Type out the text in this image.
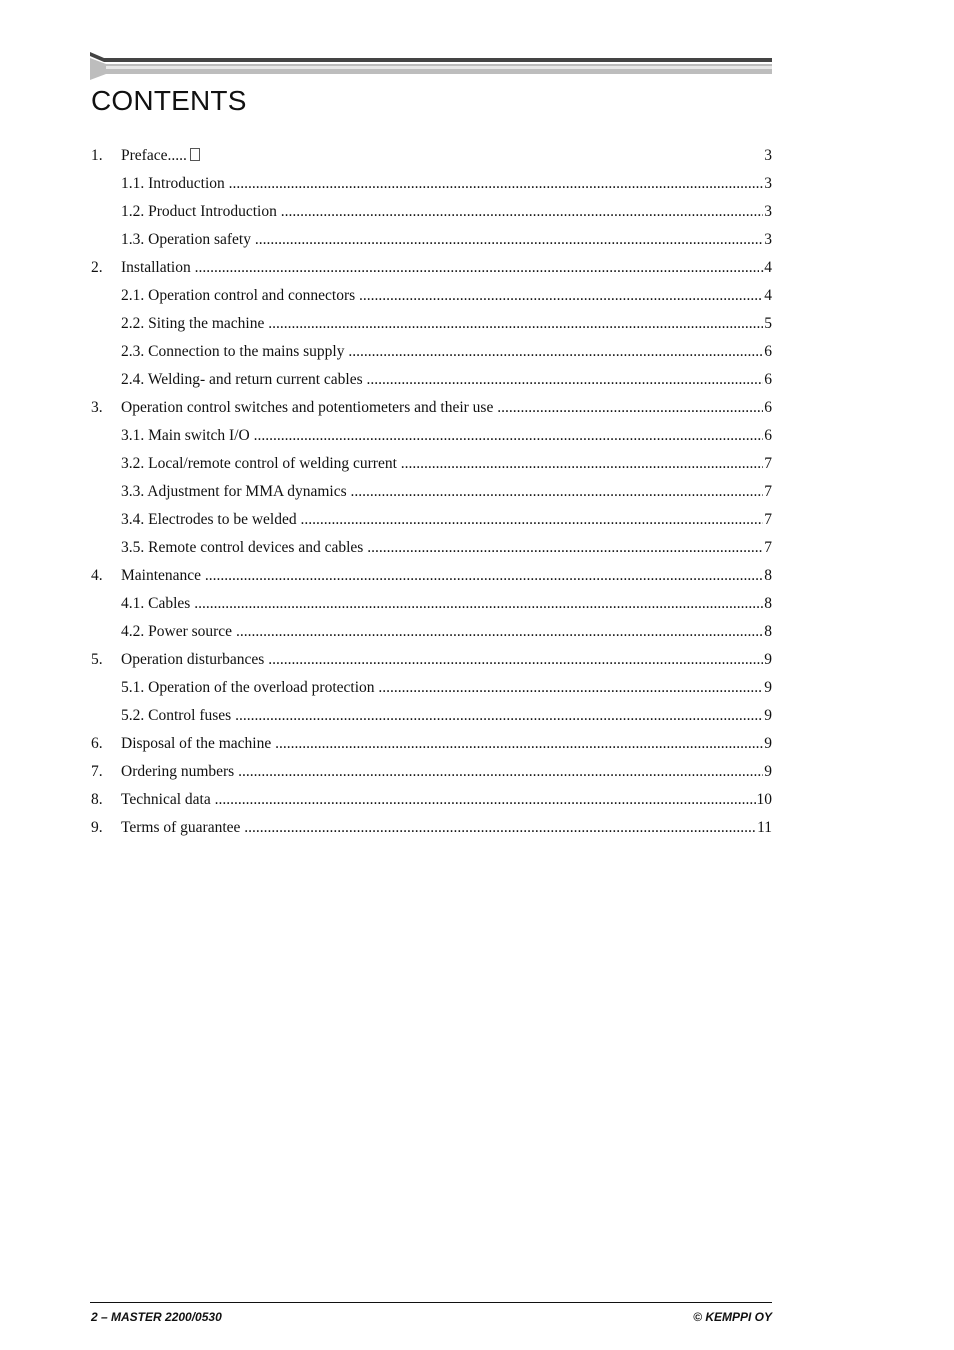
CONTENTS
1.	Preface.....	3
1.1. Introduction .....	3
1.2. Product Introduction .....	3
1.3. Operation safety .....	3
2.	Installation .....	.4
2.1. Operation control and connectors .....	4
2.2. Siting the machine .....	5
2.3. Connection to the mains supply .....	6
2.4. Welding- and return current cables .....	6
3.	Operation control switches and potentiometers and their use .....	6
3.1. Main switch I/O .....	6
3.2. Local/remote control of welding current .....	7
3.3. Adjustment for MMA dynamics .....	7
3.4. Electrodes to be welded .....	7
3.5. Remote control devices and cables .....	7
4.	Maintenance .....	8
4.1. Cables .....	8
4.2. Power source .....	8
5.	Operation disturbances .....	9
5.1. Operation of the overload protection .....	9
5.2. Control fuses .....	9
6.	Disposal of the machine .....	9
7.	Ordering numbers .....	9
8.	Technical data .....	10
9.	Terms of guarantee .....	11
2 – MASTER 2200/0530	© KEMPPI OY
